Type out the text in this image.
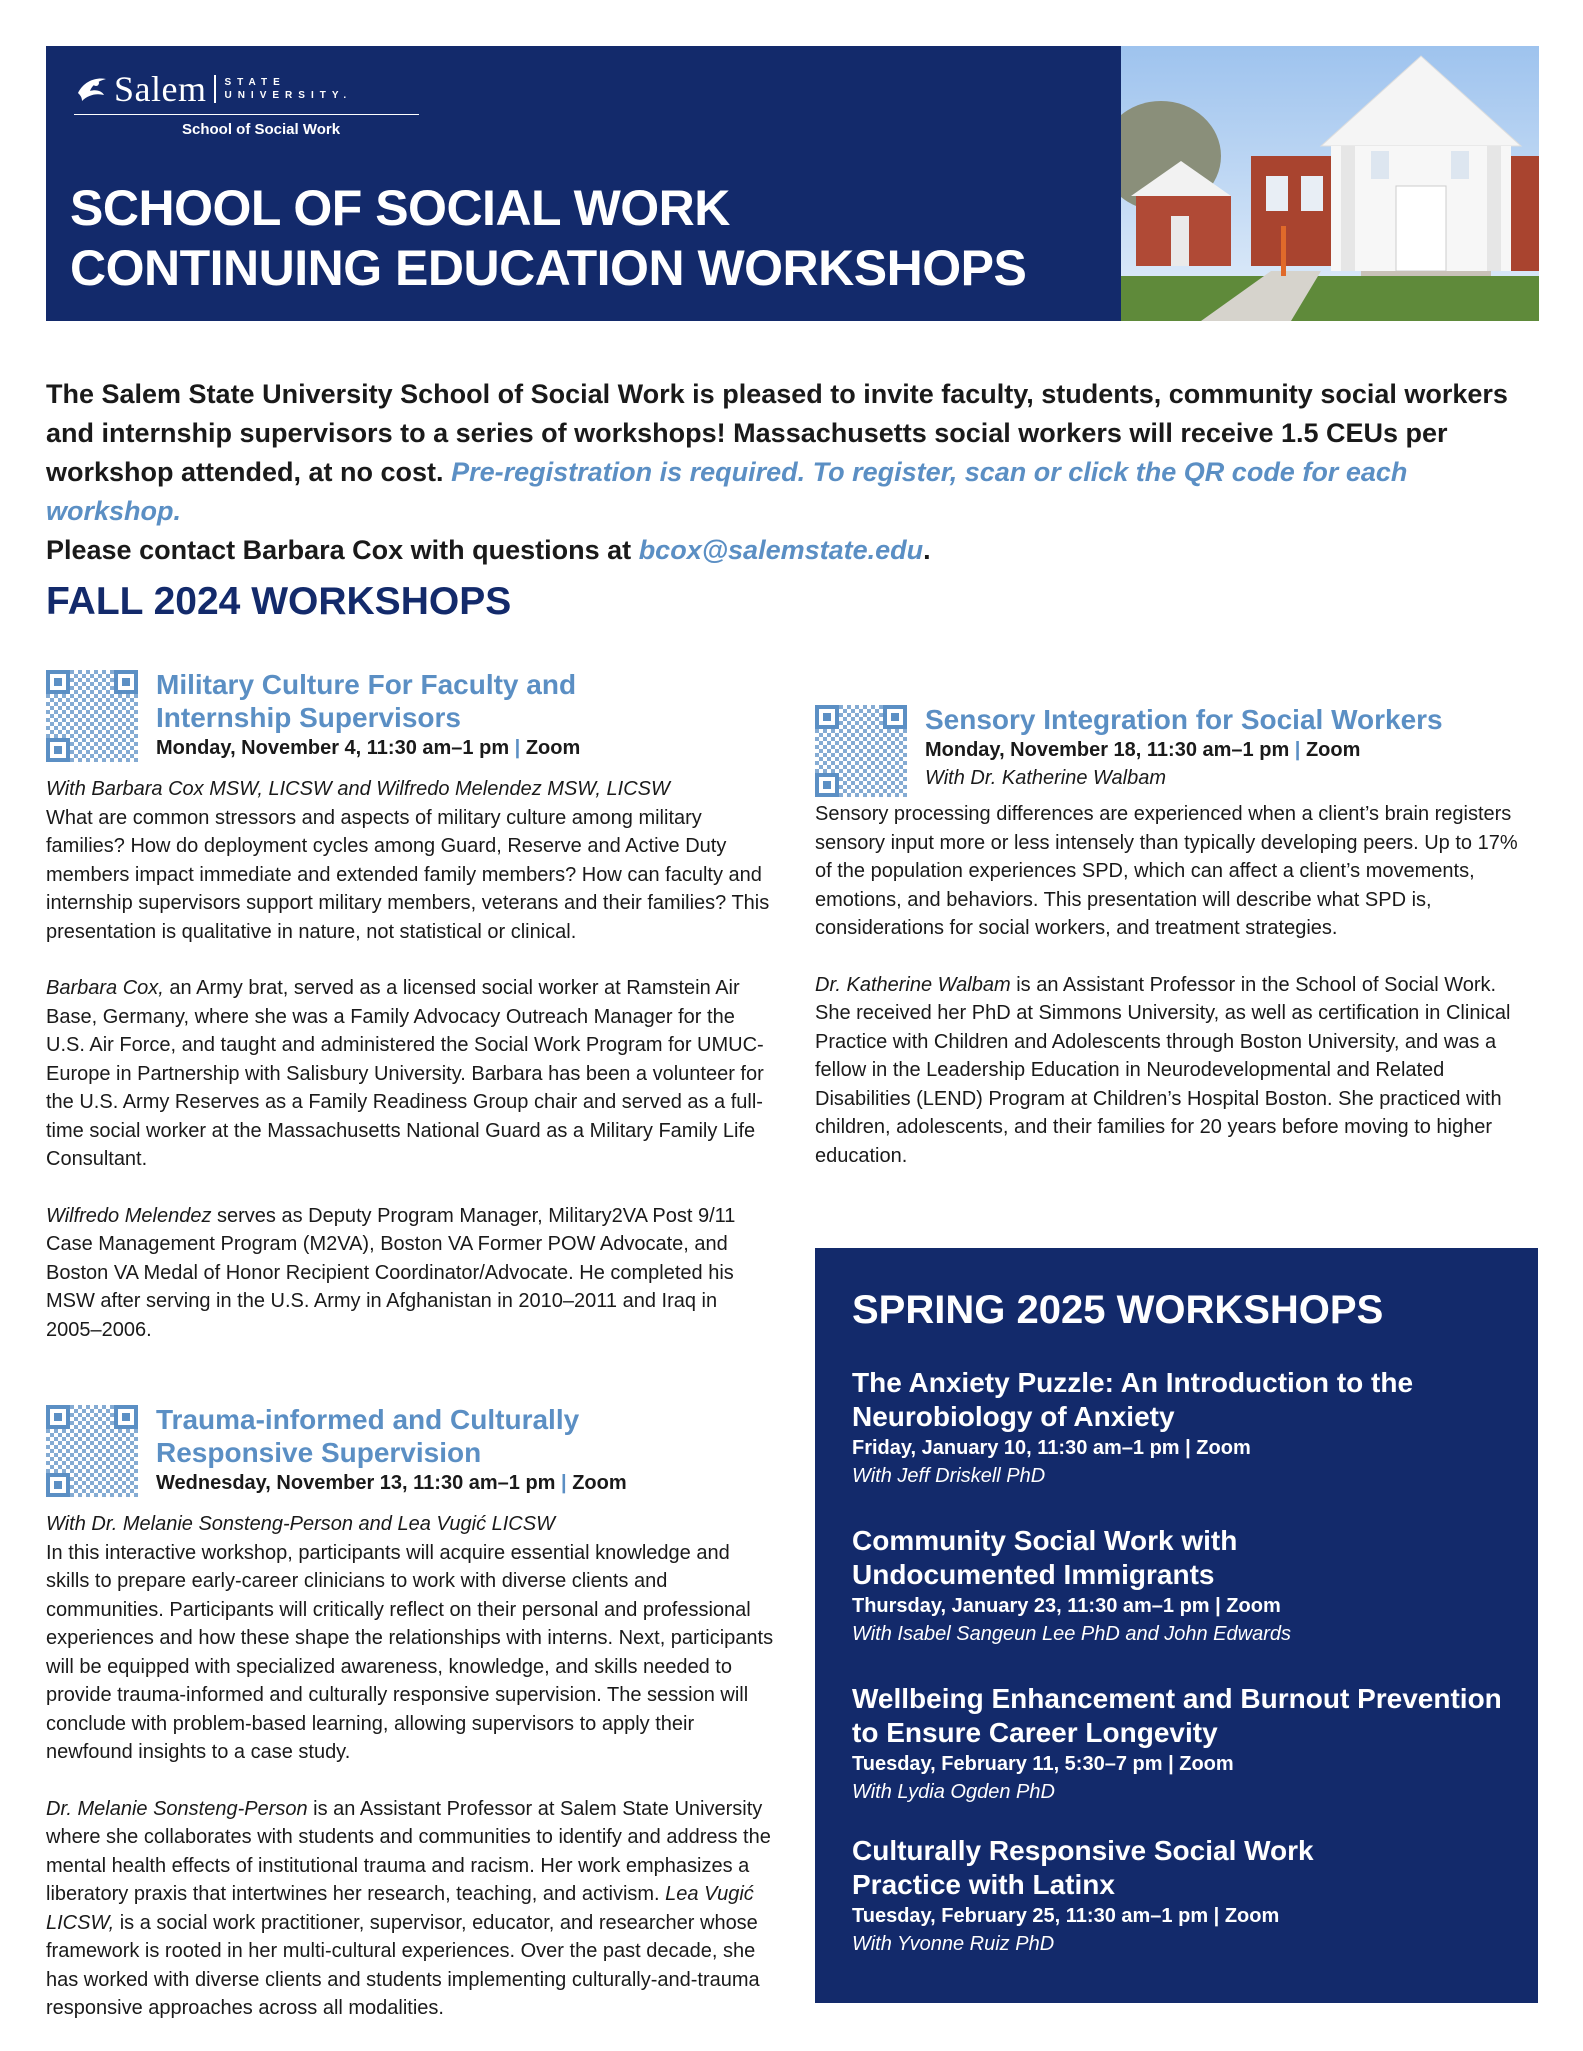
Salem STATE
UNIVERSITY.
School of Social Work
SCHOOL OF SOCIAL WORK
CONTINUING EDUCATION WORKSHOPS
The Salem State University School of Social Work is pleased to invite faculty, students, community social workers and internship supervisors to a series of workshops! Massachusetts social workers will receive 1.5 CEUs per workshop attended, at no cost. Pre-registration is required. To register, scan or click the QR code for each workshop.
Please contact Barbara Cox with questions at bcox@salemstate.edu.
FALL 2024 WORKSHOPS
Military Culture For Faculty and
Internship Supervisors
Monday, November 4, 11:30 am–1 pm | Zoom
With Barbara Cox MSW, LICSW and Wilfredo Melendez MSW, LICSW

What are common stressors and aspects of military culture among military families? How do deployment cycles among Guard, Reserve and Active Duty members impact immediate and extended family members? How can faculty and internship supervisors support military members, veterans and their families? This presentation is qualitative in nature, not statistical or clinical.

Barbara Cox, an Army brat, served as a licensed social worker at Ramstein Air Base, Germany, where she was a Family Advocacy Outreach Manager for the U.S. Air Force, and taught and administered the Social Work Program for UMUC-Europe in Partnership with Salisbury University. Barbara has been a volunteer for the U.S. Army Reserves as a Family Readiness Group chair and served as a full-time social worker at the Massachusetts National Guard as a Military Family Life Consultant.

Wilfredo Melendez serves as Deputy Program Manager, Military2VA Post 9/11 Case Management Program (M2VA), Boston VA Former POW Advocate, and Boston VA Medal of Honor Recipient Coordinator/Advocate. He completed his MSW after serving in the U.S. Army in Afghanistan in 2010–2011 and Iraq in 2005–2006.

Trauma-informed and Culturally
Responsive Supervision
Wednesday, November 13, 11:30 am–1 pm | Zoom
With Dr. Melanie Sonsteng-Person and Lea Vugić LICSW

In this interactive workshop, participants will acquire essential knowledge and skills to prepare early-career clinicians to work with diverse clients and communities. Participants will critically reflect on their personal and professional experiences and how these shape the relationships with interns. Next, participants will be equipped with specialized awareness, knowledge, and skills needed to provide trauma-informed and culturally responsive supervision. The session will conclude with problem-based learning, allowing supervisors to apply their newfound insights to a case study.

Dr. Melanie Sonsteng-Person is an Assistant Professor at Salem State University where she collaborates with students and communities to identify and address the mental health effects of institutional trauma and racism. Her work emphasizes a liberatory praxis that intertwines her research, teaching, and activism. Lea Vugić LICSW, is a social work practitioner, supervisor, educator, and researcher whose framework is rooted in her multi-cultural experiences. Over the past decade, she has worked with diverse clients and students implementing culturally-and-trauma responsive approaches across all modalities.

Sensory Integration for Social Workers
Monday, November 18, 11:30 am–1 pm | Zoom
With Dr. Katherine Walbam

Sensory processing differences are experienced when a client’s brain registers sensory input more or less intensely than typically developing peers. Up to 17% of the population experiences SPD, which can affect a client’s movements, emotions, and behaviors. This presentation will describe what SPD is, considerations for social workers, and treatment strategies.

Dr. Katherine Walbam is an Assistant Professor in the School of Social Work. She received her PhD at Simmons University, as well as certification in Clinical Practice with Children and Adolescents through Boston University, and was a fellow in the Leadership Education in Neurodevelopmental and Related Disabilities (LEND) Program at Children’s Hospital Boston. She practiced with children, adolescents, and their families for 20 years before moving to higher education.

SPRING 2025 WORKSHOPS
The Anxiety Puzzle: An Introduction to the
Neurobiology of Anxiety
Friday, January 10, 11:30 am–1 pm | Zoom
With Jeff Driskell PhD
Community Social Work with
Undocumented Immigrants
Thursday, January 23, 11:30 am–1 pm | Zoom
With Isabel Sangeun Lee PhD and John Edwards
Wellbeing Enhancement and Burnout Prevention
to Ensure Career Longevity
Tuesday, February 11, 5:30–7 pm | Zoom
With Lydia Ogden PhD
Culturally Responsive Social Work
Practice with Latinx
Tuesday, February 25, 11:30 am–1 pm | Zoom
With Yvonne Ruiz PhD
